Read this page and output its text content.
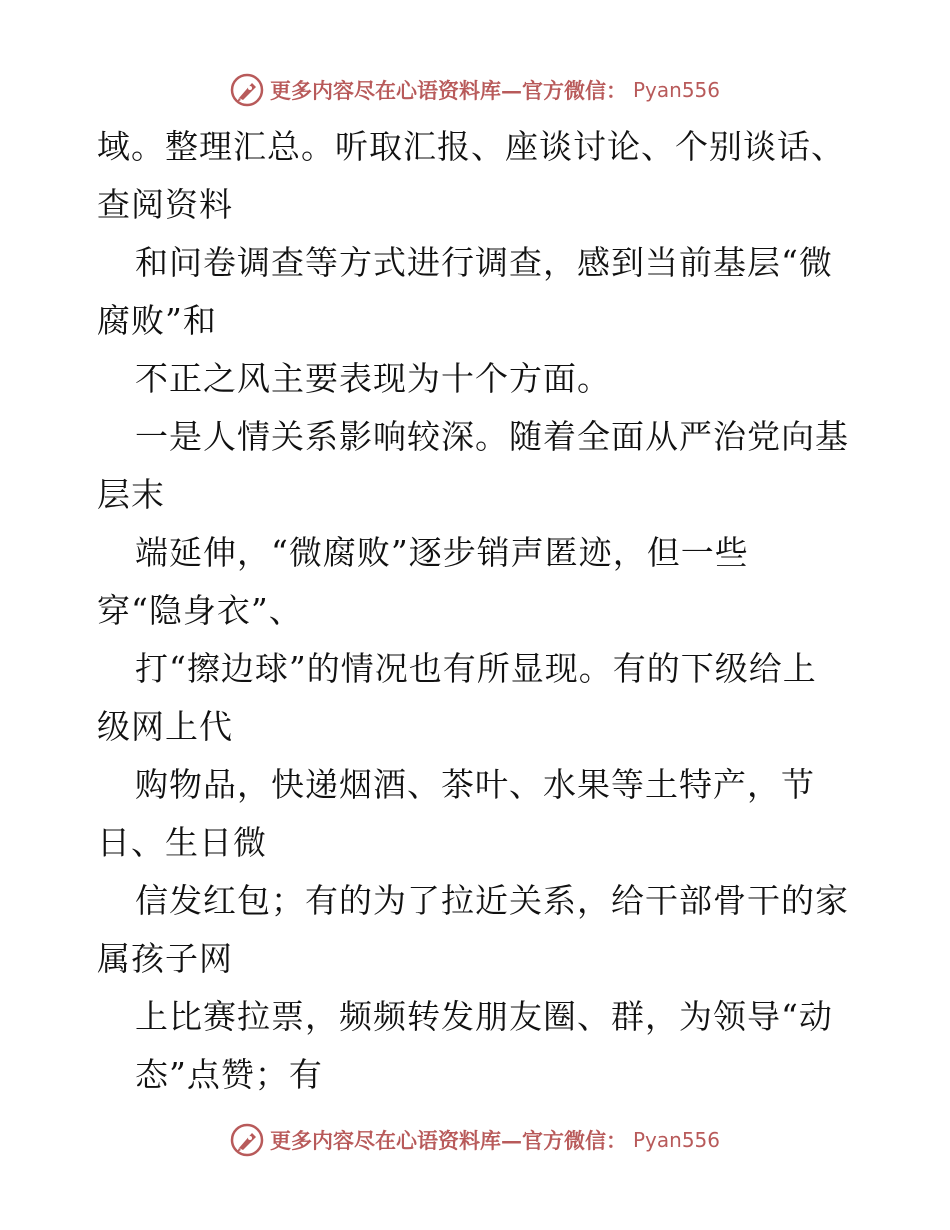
更多内容尽在心语资料库—官方微信： Pyan556
域。整理汇总。听取汇报、座谈讨论、个别谈话、
查阅资料
和问卷调查等方式进行调查，感到当前基层“微
腐败”和
不正之风主要表现为十个方面。
一是人情关系影响较深。随着全面从严治党向基
层末
端延伸，“微腐败”逐步销声匿迹，但一些
穿“隐身衣”、
打“擦边球”的情况也有所显现。有的下级给上
级网上代
购物品，快递烟酒、茶叶、水果等土特产，节
日、生日微
信发红包；有的为了拉近关系，给干部骨干的家
属孩子网
上比赛拉票，频频转发朋友圈、群，为领导“动
态”点赞；有
更多内容尽在心语资料库—官方微信： Pyan556
